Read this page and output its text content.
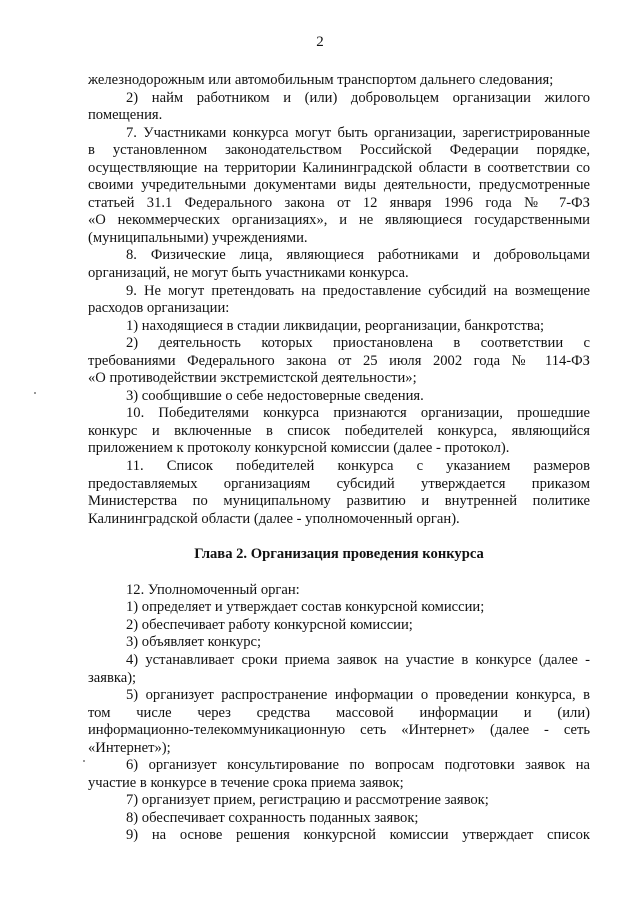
2
железнодорожным или автомобильным транспортом дальнего следования;
2) найм работником и (или) добровольцем организации жилого
помещения.
7. Участниками конкурса могут быть организации, зарегистрированные
в установленном законодательством Российской Федерации порядке,
осуществляющие на территории Калининградской области в соответствии со
своими учредительными документами виды деятельности, предусмотренные
статьей 31.1 Федерального закона от 12 января 1996 года № 7-ФЗ
«О некоммерческих организациях», и не являющиеся государственными
(муниципальными) учреждениями.
8. Физические лица, являющиеся работниками и добровольцами
организаций, не могут быть участниками конкурса.
9. Не могут претендовать на предоставление субсидий на возмещение
расходов организации:
1) находящиеся в стадии ликвидации, реорганизации, банкротства;
2) деятельность которых приостановлена в соответствии с
требованиями Федерального закона от 25 июля 2002 года № 114-ФЗ
«О противодействии экстремистской деятельности»;
3) сообщившие о себе недостоверные сведения.
10. Победителями конкурса признаются организации, прошедшие
конкурс и включенные в список победителей конкурса, являющийся
приложением к протоколу конкурсной комиссии (далее - протокол).
11. Список победителей конкурса с указанием размеров
предоставляемых организациям субсидий утверждается приказом
Министерства по муниципальному развитию и внутренней политике
Калининградской области (далее - уполномоченный орган).
Глава 2. Организация проведения конкурса
12. Уполномоченный орган:
1) определяет и утверждает состав конкурсной комиссии;
2) обеспечивает работу конкурсной комиссии;
3) объявляет конкурс;
4) устанавливает сроки приема заявок на участие в конкурсе (далее -
заявка);
5) организует распространение информации о проведении конкурса, в
том числе через средства массовой информации и (или)
информационно-телекоммуникационную сеть «Интернет» (далее - сеть
«Интернет»);
6) организует консультирование по вопросам подготовки заявок на
участие в конкурсе в течение срока приема заявок;
7) организует прием, регистрацию и рассмотрение заявок;
8) обеспечивает сохранность поданных заявок;
9) на основе решения конкурсной комиссии утверждает список
